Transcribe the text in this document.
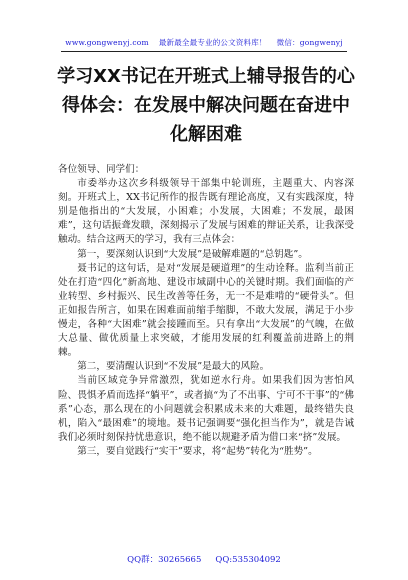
www.gongwenyj.com 最新最全最专业的公文资料库！ 微信：gongwenyj
学习XX书记在开班式上辅导报告的心得体会：在发展中解决问题在奋进中化解困难

各位领导、同学们：

市委举办这次乡科级领导干部集中轮训班，主题重大、内容深刻。开班式上，XX书记所作的报告既有理论高度，又有实践深度，特别是他指出的“大发展，小困难；小发展，大困难；不发展，最困难”，这句话振聋发聩，深刻揭示了发展与困难的辩证关系，让我深受触动。结合这两天的学习，我有三点体会：

第一，要深刻认识到“大发展”是破解难题的“总钥匙”。

聂书记的这句话，是对“发展是硬道理”的生动诠释。监利当前正处在打造“四化”新高地、建设市域副中心的关键时期。我们面临的产业转型、乡村振兴、民生改善等任务，无一不是难啃的“硬骨头”。但正如报告所言，如果在困难面前缩手缩脚，不敢大发展，满足于小步慢走，各种“大困难”就会接踵而至。只有拿出“大发展”的气魄，在做大总量、做优质量上求突破，才能用发展的红利覆盖前进路上的荆棘。

第二，要清醒认识到“不发展”是最大的风险。

当前区域竞争异常激烈，犹如逆水行舟。如果我们因为害怕风险、畏惧矛盾而选择“躺平”，或者搞“为了不出事、宁可不干事”的“佛系”心态，那么现在的小问题就会积累成未来的大难题，最终错失良机，陷入“最困难”的境地。聂书记强调要“强化担当作为”，就是告诫我们必须时刻保持忧患意识，绝不能以规避矛盾为借口来“挤”发展。

第三，要自觉践行“实干”要求，将“起势”转化为“胜势”。

QQ群：30265665 QQ:535304092
